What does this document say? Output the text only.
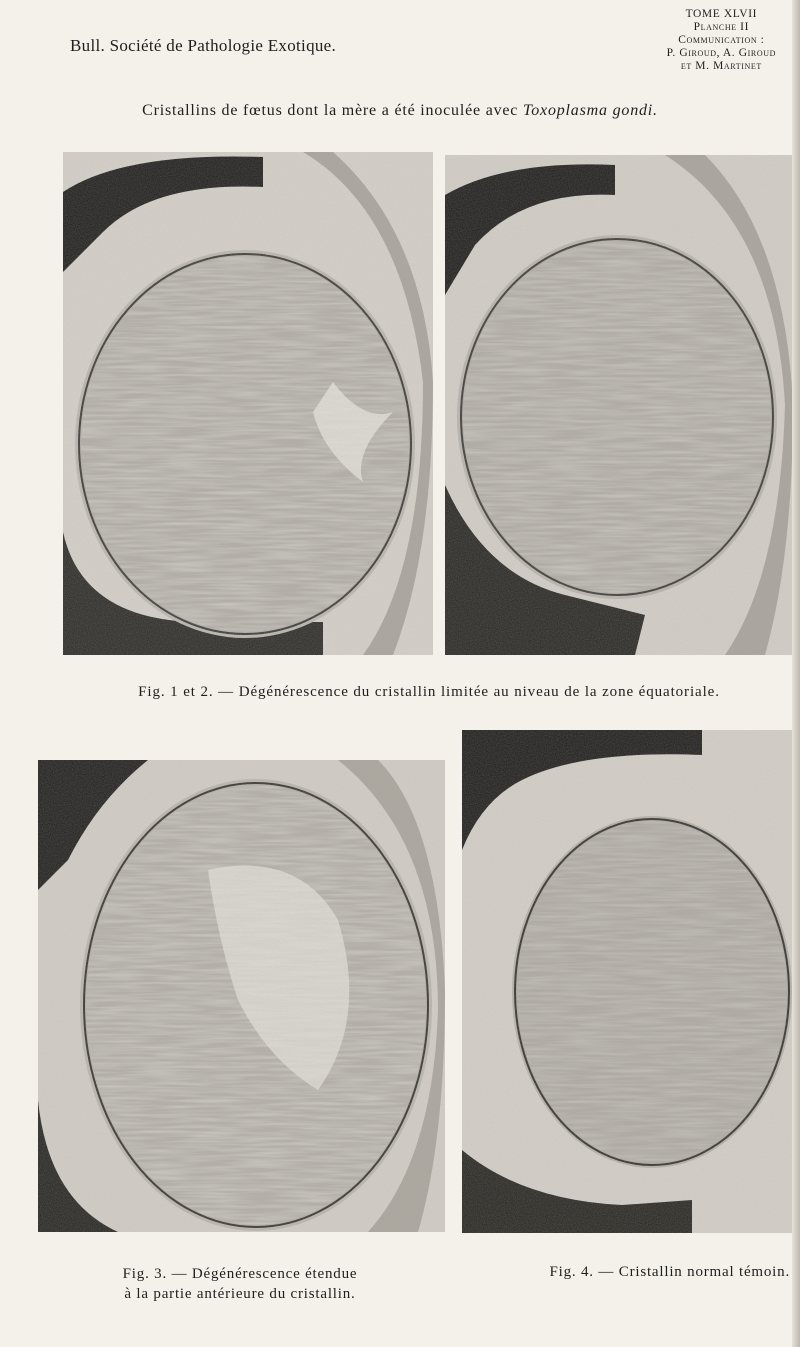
Bull. Société de Pathologie Exotique.
TOME XLVII
Planche II
Communication :
P. Giroud, A. Giroud
et M. Martinet
Cristallins de fœtus dont la mère a été inoculée avec Toxoplasma gondi.
Fig. 1 et 2. — Dégénérescence du cristallin limitée au niveau de la zone équatoriale.
Fig. 3. — Dégénérescence étendue
à la partie antérieure du cristallin.
Fig. 4. — Cristallin normal témoin.
